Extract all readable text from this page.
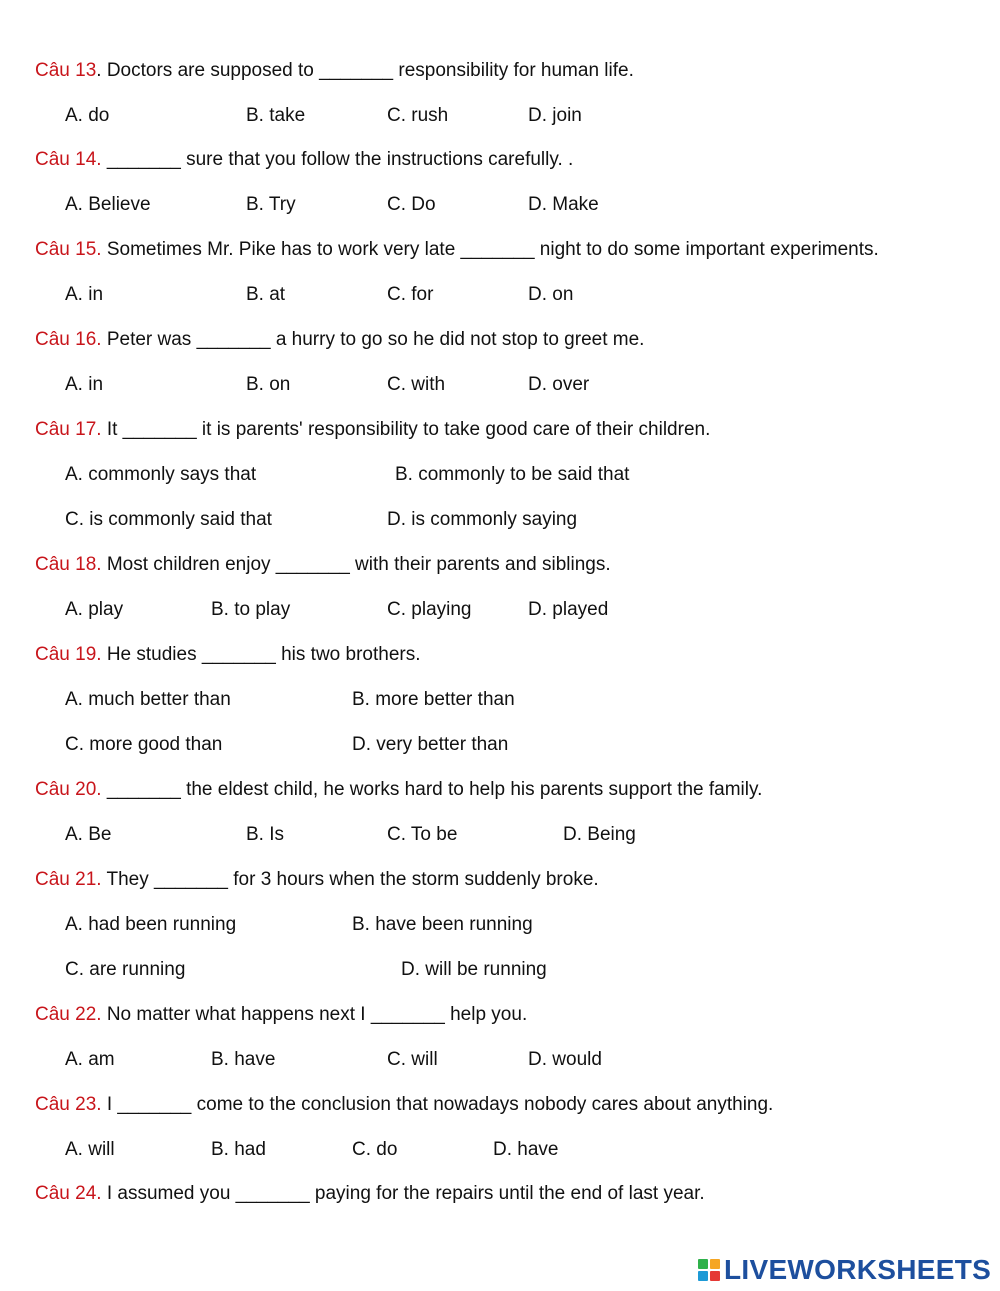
Câu 13. Doctors are supposed to _______ responsibility for human life.
A. do	B. take	C. rush	D. join
Câu 14. _______ sure that you follow the instructions carefully. .
A. Believe	B. Try	C. Do	D. Make
Câu 15. Sometimes Mr. Pike has to work very late _______ night to do some important experiments.
A. in	B. at	C. for	D. on
Câu 16. Peter was _______ a hurry to go so he did not stop to greet me.
A. in	B. on	C. with	D. over
Câu 17. It _______ it is parents' responsibility to take good care of their children.
A. commonly says that	B. commonly to be said that
C. is commonly said that	D. is commonly saying
Câu 18. Most children enjoy _______ with their parents and siblings.
A. play	B. to play	C. playing	D. played
Câu 19. He studies _______ his two brothers.
A. much better than	B. more better than
C. more good than	D. very better than
Câu 20. _______ the eldest child, he works hard to help his parents support the family.
A. Be	B. Is	C. To be	D. Being
Câu 21. They _______ for 3 hours when the storm suddenly broke.
A. had been running	B. have been running
C. are running	D. will be running
Câu 22. No matter what happens next I _______ help you.
A. am	B. have	C. will	D. would
Câu 23. I _______ come to the conclusion that nowadays nobody cares about anything.
A. will	B. had	C. do	D. have
Câu 24. I assumed you _______ paying for the repairs until the end of last year.
LIVEWORKSHEETS
